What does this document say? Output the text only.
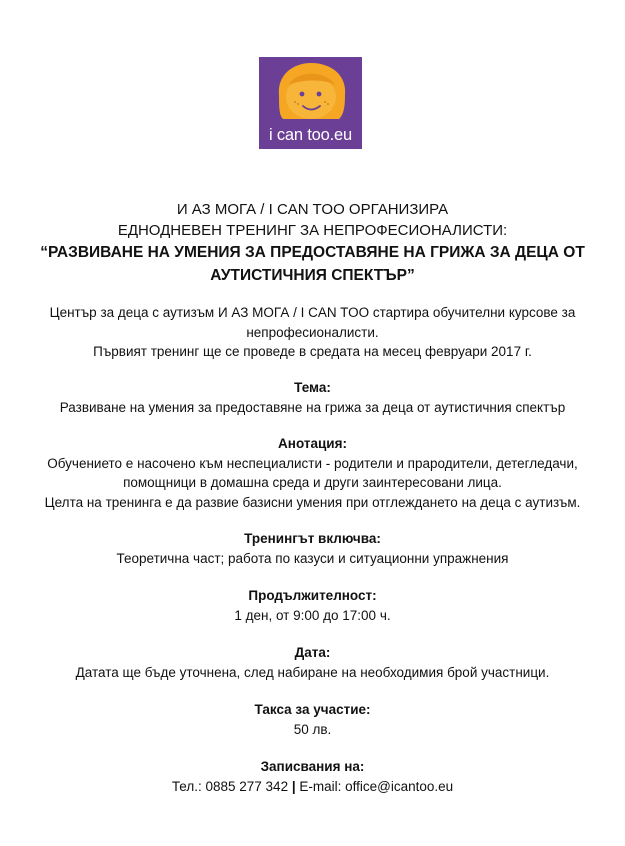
i can too.eu
И АЗ МОГА / I CAN TOO ОРГАНИЗИРА
ЕДНОДНЕВЕН ТРЕНИНГ ЗА НЕПРОФЕСИОНАЛИСТИ:
“РАЗВИВАНЕ НА УМЕНИЯ ЗА ПРЕДОСТАВЯНЕ НА ГРИЖА ЗА ДЕЦА ОТ
АУТИСТИЧНИЯ СПЕКТЪР”
Център за деца с аутизъм И АЗ МОГА / I CAN TOO стартира обучителни курсове за
непрофесионалисти.
Първият тренинг ще се проведе в средата на месец февруари 2017 г.
Тема:
Развиване на умения за предоставяне на грижа за деца от аутистичния спектър
Анотация:
Обучението е насочено към неспециалисти - родители и прародители, детегледачи,
помощници в домашна среда и други заинтересовани лица.
Целта на тренинга е да развие базисни умения при отглеждането на деца с аутизъм.
Тренингът включва:
Теоретична част; работа по казуси и ситуационни упражнения
Продължителност:
1 ден, от 9:00 до 17:00 ч.
Дата:
Датата ще бъде уточнена, след набиране на необходимия брой участници.
Такса за участие:
50 лв.
Записвания на:
Тел.: 0885 277 342 | E-mail: office@icantoo.eu
